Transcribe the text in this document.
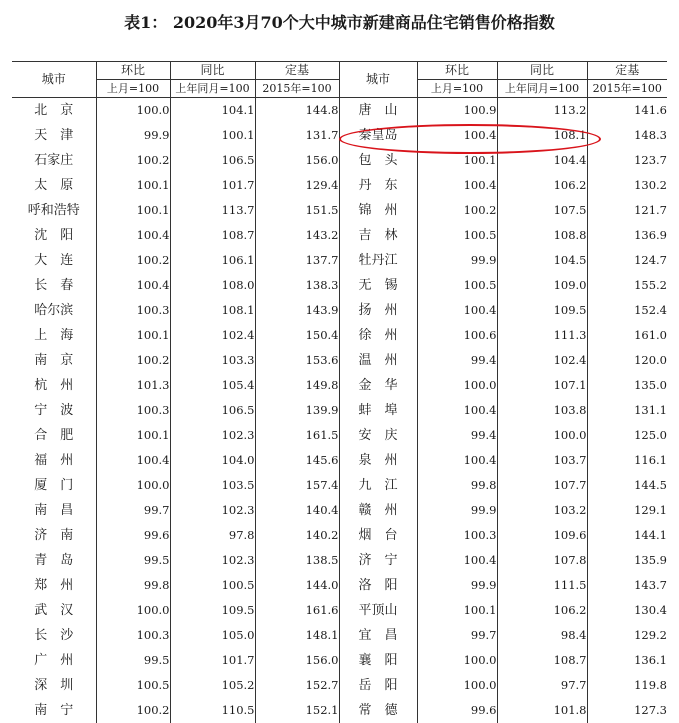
表1： 2020年3月70个大中城市新建商品住宅销售价格指数
城市	环比	同比	定基	城市	环比	同比	定基
	上月=100	上年同月=100	2015年=100		上月=100	上年同月=100	2015年=100
北　京	100.0	104.1	144.8	唐　山	100.9	113.2	141.6
天　津	99.9	100.1	131.7	秦皇岛	100.4	108.1	148.3
石家庄	100.2	106.5	156.0	包　头	100.1	104.4	123.7
太　原	100.1	101.7	129.4	丹　东	100.4	106.2	130.2
呼和浩特	100.1	113.7	151.5	锦　州	100.2	107.5	121.7
沈　阳	100.4	108.7	143.2	吉　林	100.5	108.8	136.9
大　连	100.2	106.1	137.7	牡丹江	99.9	104.5	124.7
长　春	100.4	108.0	138.3	无　锡	100.5	109.0	155.2
哈尔滨	100.3	108.1	143.9	扬　州	100.4	109.5	152.4
上　海	100.1	102.4	150.4	徐　州	100.6	111.3	161.0
南　京	100.2	103.3	153.6	温　州	99.4	102.4	120.0
杭　州	101.3	105.4	149.8	金　华	100.0	107.1	135.0
宁　波	100.3	106.5	139.9	蚌　埠	100.4	103.8	131.1
合　肥	100.1	102.3	161.5	安　庆	99.4	100.0	125.0
福　州	100.4	104.0	145.6	泉　州	100.4	103.7	116.1
厦　门	100.0	103.5	157.4	九　江	99.8	107.7	144.5
南　昌	99.7	102.3	140.4	赣　州	99.9	103.2	129.1
济　南	99.6	97.8	140.2	烟　台	100.3	109.6	144.1
青　岛	99.5	102.3	138.5	济　宁	100.4	107.8	135.9
郑　州	99.8	100.5	144.0	洛　阳	99.9	111.5	143.7
武　汉	100.0	109.5	161.6	平顶山	100.1	106.2	130.4
长　沙	100.3	105.0	148.1	宜　昌	99.7	98.4	129.2
广　州	99.5	101.7	156.0	襄　阳	100.0	108.7	136.1
深　圳	100.5	105.2	152.7	岳　阳	100.0	97.7	119.8
南　宁	100.2	110.5	152.1	常　德	99.6	101.8	127.3
